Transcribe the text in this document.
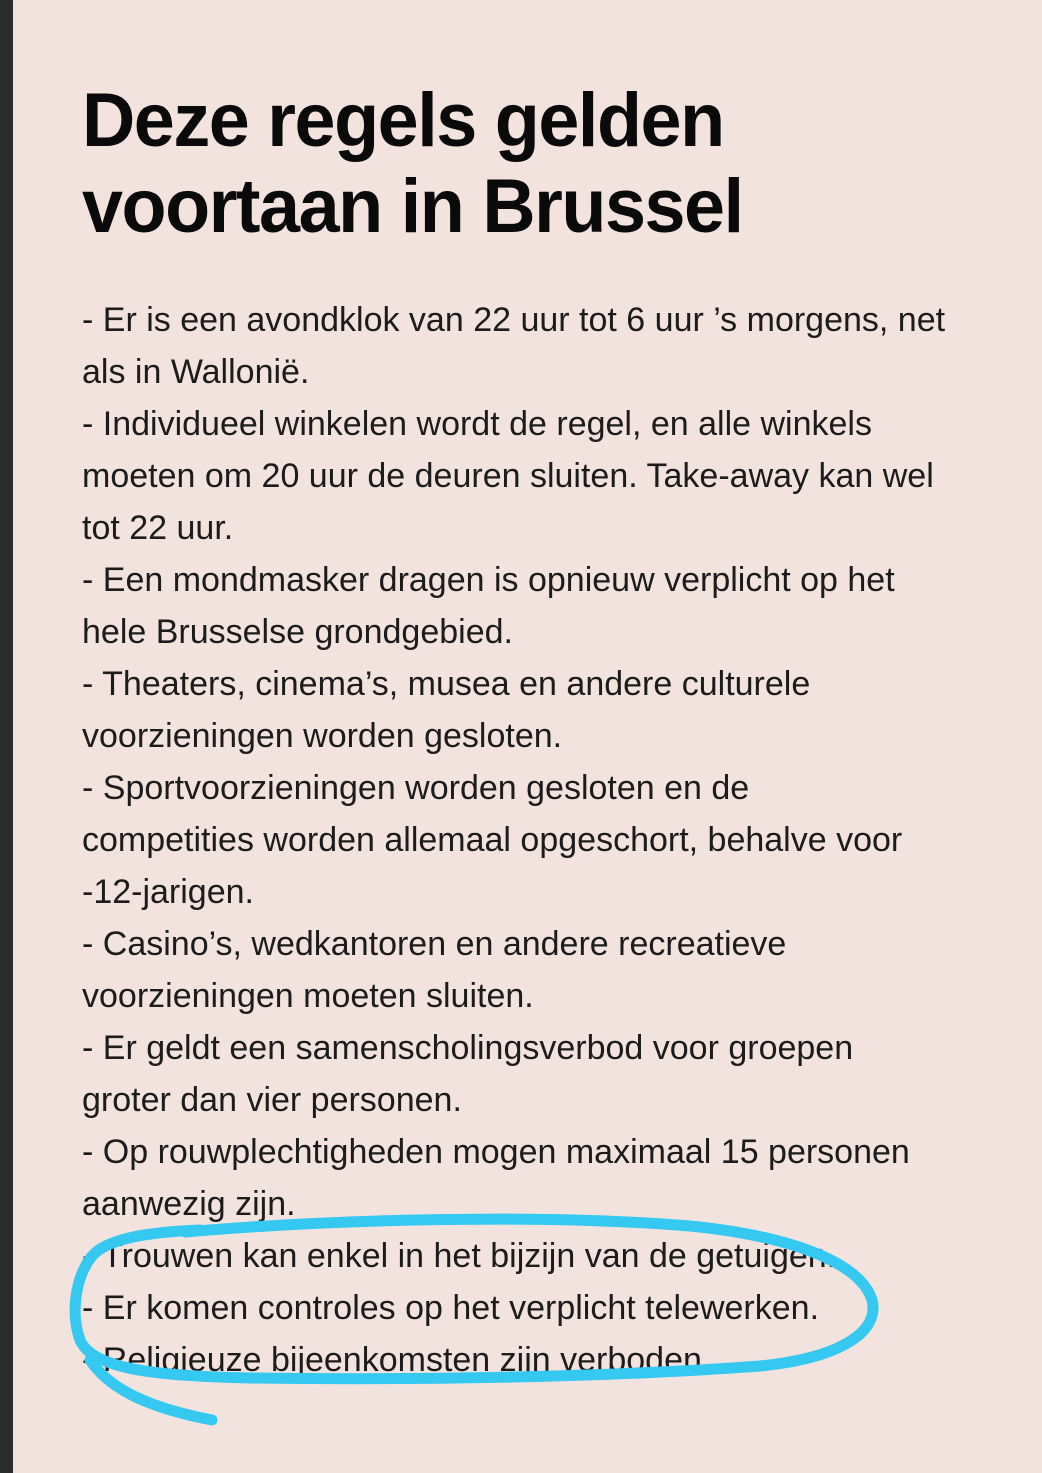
Deze regels gelden
voortaan in Brussel
- Er is een avondklok van 22 uur tot 6 uur ’s morgens, net
als in Wallonië.
- Individueel winkelen wordt de regel, en alle winkels
moeten om 20 uur de deuren sluiten. Take-away kan wel
tot 22 uur.
- Een mondmasker dragen is opnieuw verplicht op het
hele Brusselse grondgebied.
- Theaters, cinema’s, musea en andere culturele
voorzieningen worden gesloten.
- Sportvoorzieningen worden gesloten en de
competities worden allemaal opgeschort, behalve voor
-12-jarigen.
- Casino’s, wedkantoren en andere recreatieve
voorzieningen moeten sluiten.
- Er geldt een samenscholingsverbod voor groepen
groter dan vier personen.
- Op rouwplechtigheden mogen maximaal 15 personen
aanwezig zijn.
- Trouwen kan enkel in het bijzijn van de getuigen.
- Er komen controles op het verplicht telewerken.
- Religieuze bijeenkomsten zijn verboden.
